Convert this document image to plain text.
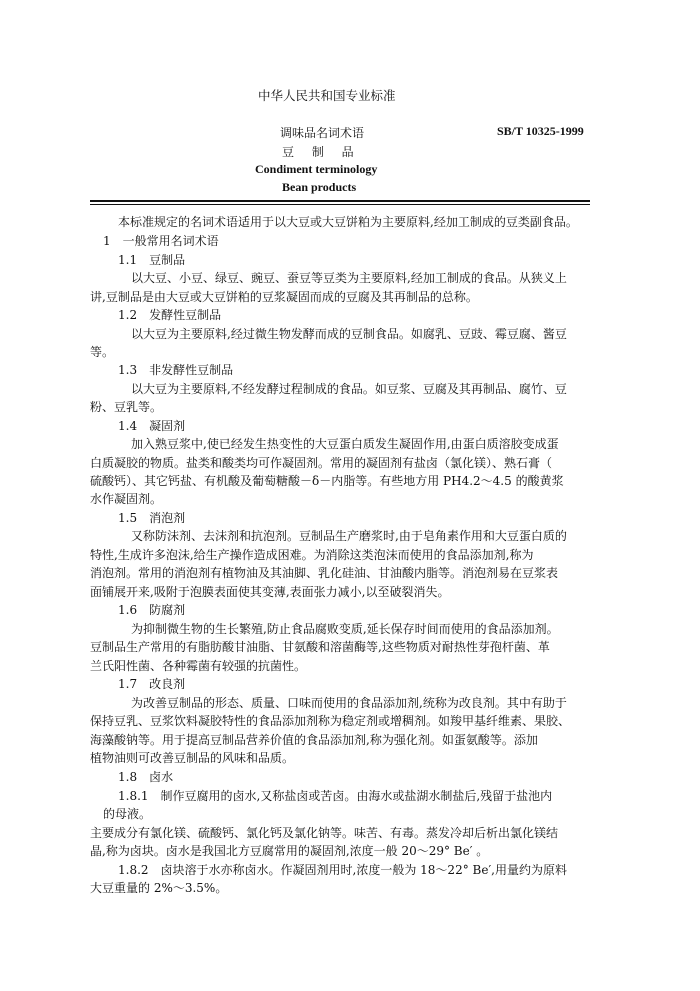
中华人民共和国专业标准
调味品名词术语	SB/T 10325-1999
豆 制 品
Condiment terminology
Bean products
本标准规定的名词术语适用于以大豆或大豆饼粕为主要原料,经加工制成的豆类副食品。
1　一般常用名词术语
1.1　豆制品
以大豆、小豆、绿豆、豌豆、蚕豆等豆类为主要原料,经加工制成的食品。从狭义上
讲,豆制品是由大豆或大豆饼粕的豆浆凝固而成的豆腐及其再制品的总称。
1.2　发酵性豆制品
以大豆为主要原料,经过微生物发酵而成的豆制食品。如腐乳、豆豉、霉豆腐、酱豆
等。
1.3　非发酵性豆制品
以大豆为主要原料,不经发酵过程制成的食品。如豆浆、豆腐及其再制品、腐竹、豆
粉、豆乳等。
1.4　凝固剂
加入熟豆浆中,使已经发生热变性的大豆蛋白质发生凝固作用,由蛋白质溶胶变成蛋
白质凝胶的物质。盐类和酸类均可作凝固剂。常用的凝固剂有盐卤（氯化镁）、熟石膏（
硫酸钙）、其它钙盐、有机酸及葡萄糖酸－δ－内脂等。有些地方用 PH4.2～4.5 的酸黄浆
水作凝固剂。
1.5　消泡剂
又称防沫剂、去沫剂和抗泡剂。豆制品生产磨浆时,由于皂角素作用和大豆蛋白质的
特性,生成许多泡沫,给生产操作造成困难。为消除这类泡沫而使用的食品添加剂,称为
消泡剂。常用的消泡剂有植物油及其油脚、乳化硅油、甘油酸内脂等。消泡剂易在豆浆表
面铺展开来,吸附于泡膜表面使其变薄,表面张力减小,以至破裂消失。
1.6　防腐剂
为抑制微生物的生长繁殖,防止食品腐败变质,延长保存时间而使用的食品添加剂。
豆制品生产常用的有脂肪酸甘油脂、甘氨酸和溶菌酶等,这些物质对耐热性芽孢杆菌、革
兰氏阳性菌、各种霉菌有较强的抗菌性。
1.7　改良剂
为改善豆制品的形态、质量、口味而使用的食品添加剂,统称为改良剂。其中有助于
保持豆乳、豆浆饮料凝胶特性的食品添加剂称为稳定剂或增稠剂。如羧甲基纤维素、果胶、
海藻酸钠等。用于提高豆制品营养价值的食品添加剂,称为强化剂。如蛋氨酸等。添加
植物油则可改善豆制品的风味和品质。
1.8　卤水
1.8.1　制作豆腐用的卤水,又称盐卤或苦卤。由海水或盐湖水制盐后,残留于盐池内
的母液。
主要成分有氯化镁、硫酸钙、氯化钙及氯化钠等。味苦、有毒。蒸发冷却后析出氯化镁结
晶,称为卤块。卤水是我国北方豆腐常用的凝固剂,浓度一般 20～29° Be′ 。
1.8.2　卤块溶于水亦称卤水。作凝固剂用时,浓度一般为 18～22° Be′,用量约为原料
大豆重量的 2%～3.5%。
